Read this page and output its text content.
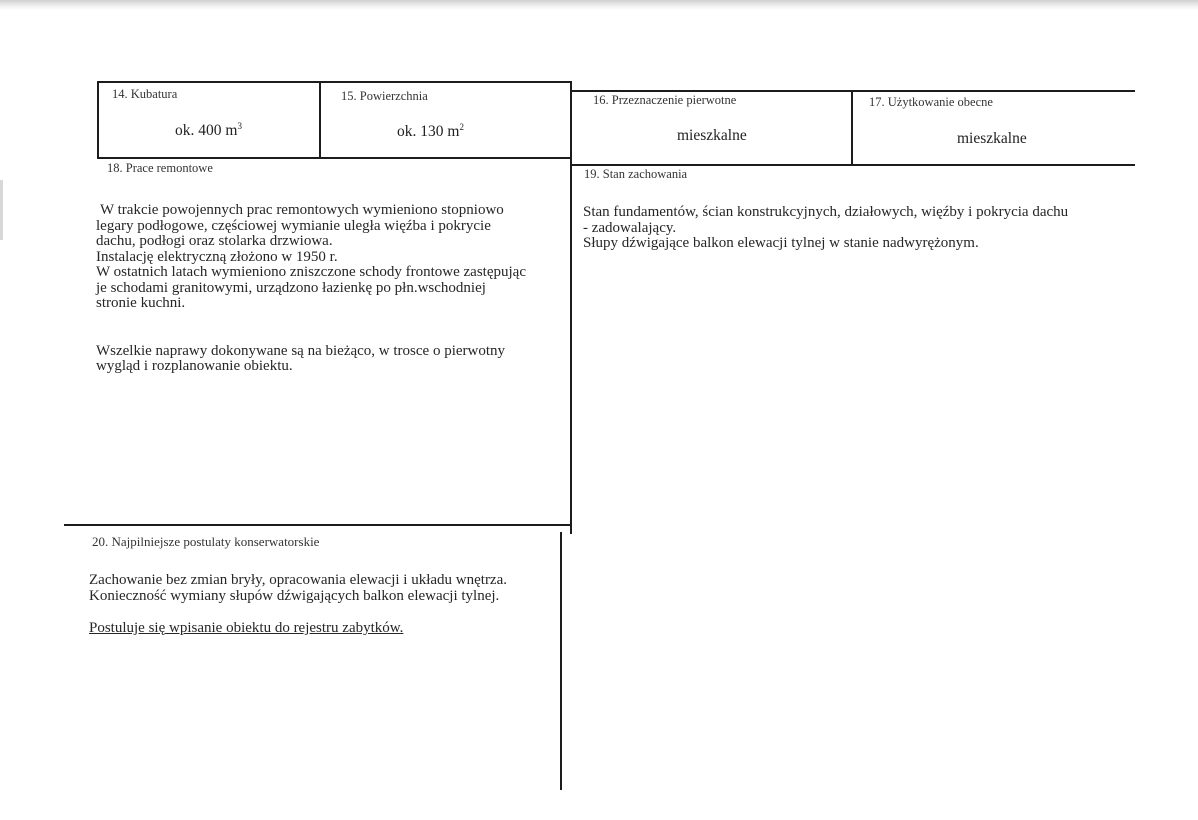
14. Kubatura
ok. 400 $m^3$
15. Powierzchnia
ok. 130 $m^2$
16. Przeznaczenie pierwotne
mieszkalne
17. Użytkowanie obecne
mieszkalne
18. Prace remontowe

W trakcie powojennych prac remontowych wymieniono stopniowo

legary podłogowe, częściowej wymianie uległa więźba i pokrycie

dachu, podłogi oraz stolarka drzwiowa.

Instalację elektryczną złożono w 1950 r.

W ostatnich latach wymieniono zniszczone schody frontowe zastępując

je schodami granitowymi, urządzono łazienkę po płn.wschodniej

stronie kuchni.

Wszelkie naprawy dokonywane są na bieżąco, w trosce o pierwotny

wygląd i rozplanowanie obiektu.

19. Stan zachowania

Stan fundamentów, ścian konstrukcyjnych, działowych, więźby i pokrycia dachu

- zadowalający.

Słupy dźwigające balkon elewacji tylnej w stanie nadwyrężonym.

20. Najpilniejsze postulaty konserwatorskie

Zachowanie bez zmian bryły, opracowania elewacji i układu wnętrza.

Konieczność wymiany słupów dźwigających balkon elewacji tylnej.

Postuluje się wpisanie obiektu do rejestru zabytków.
